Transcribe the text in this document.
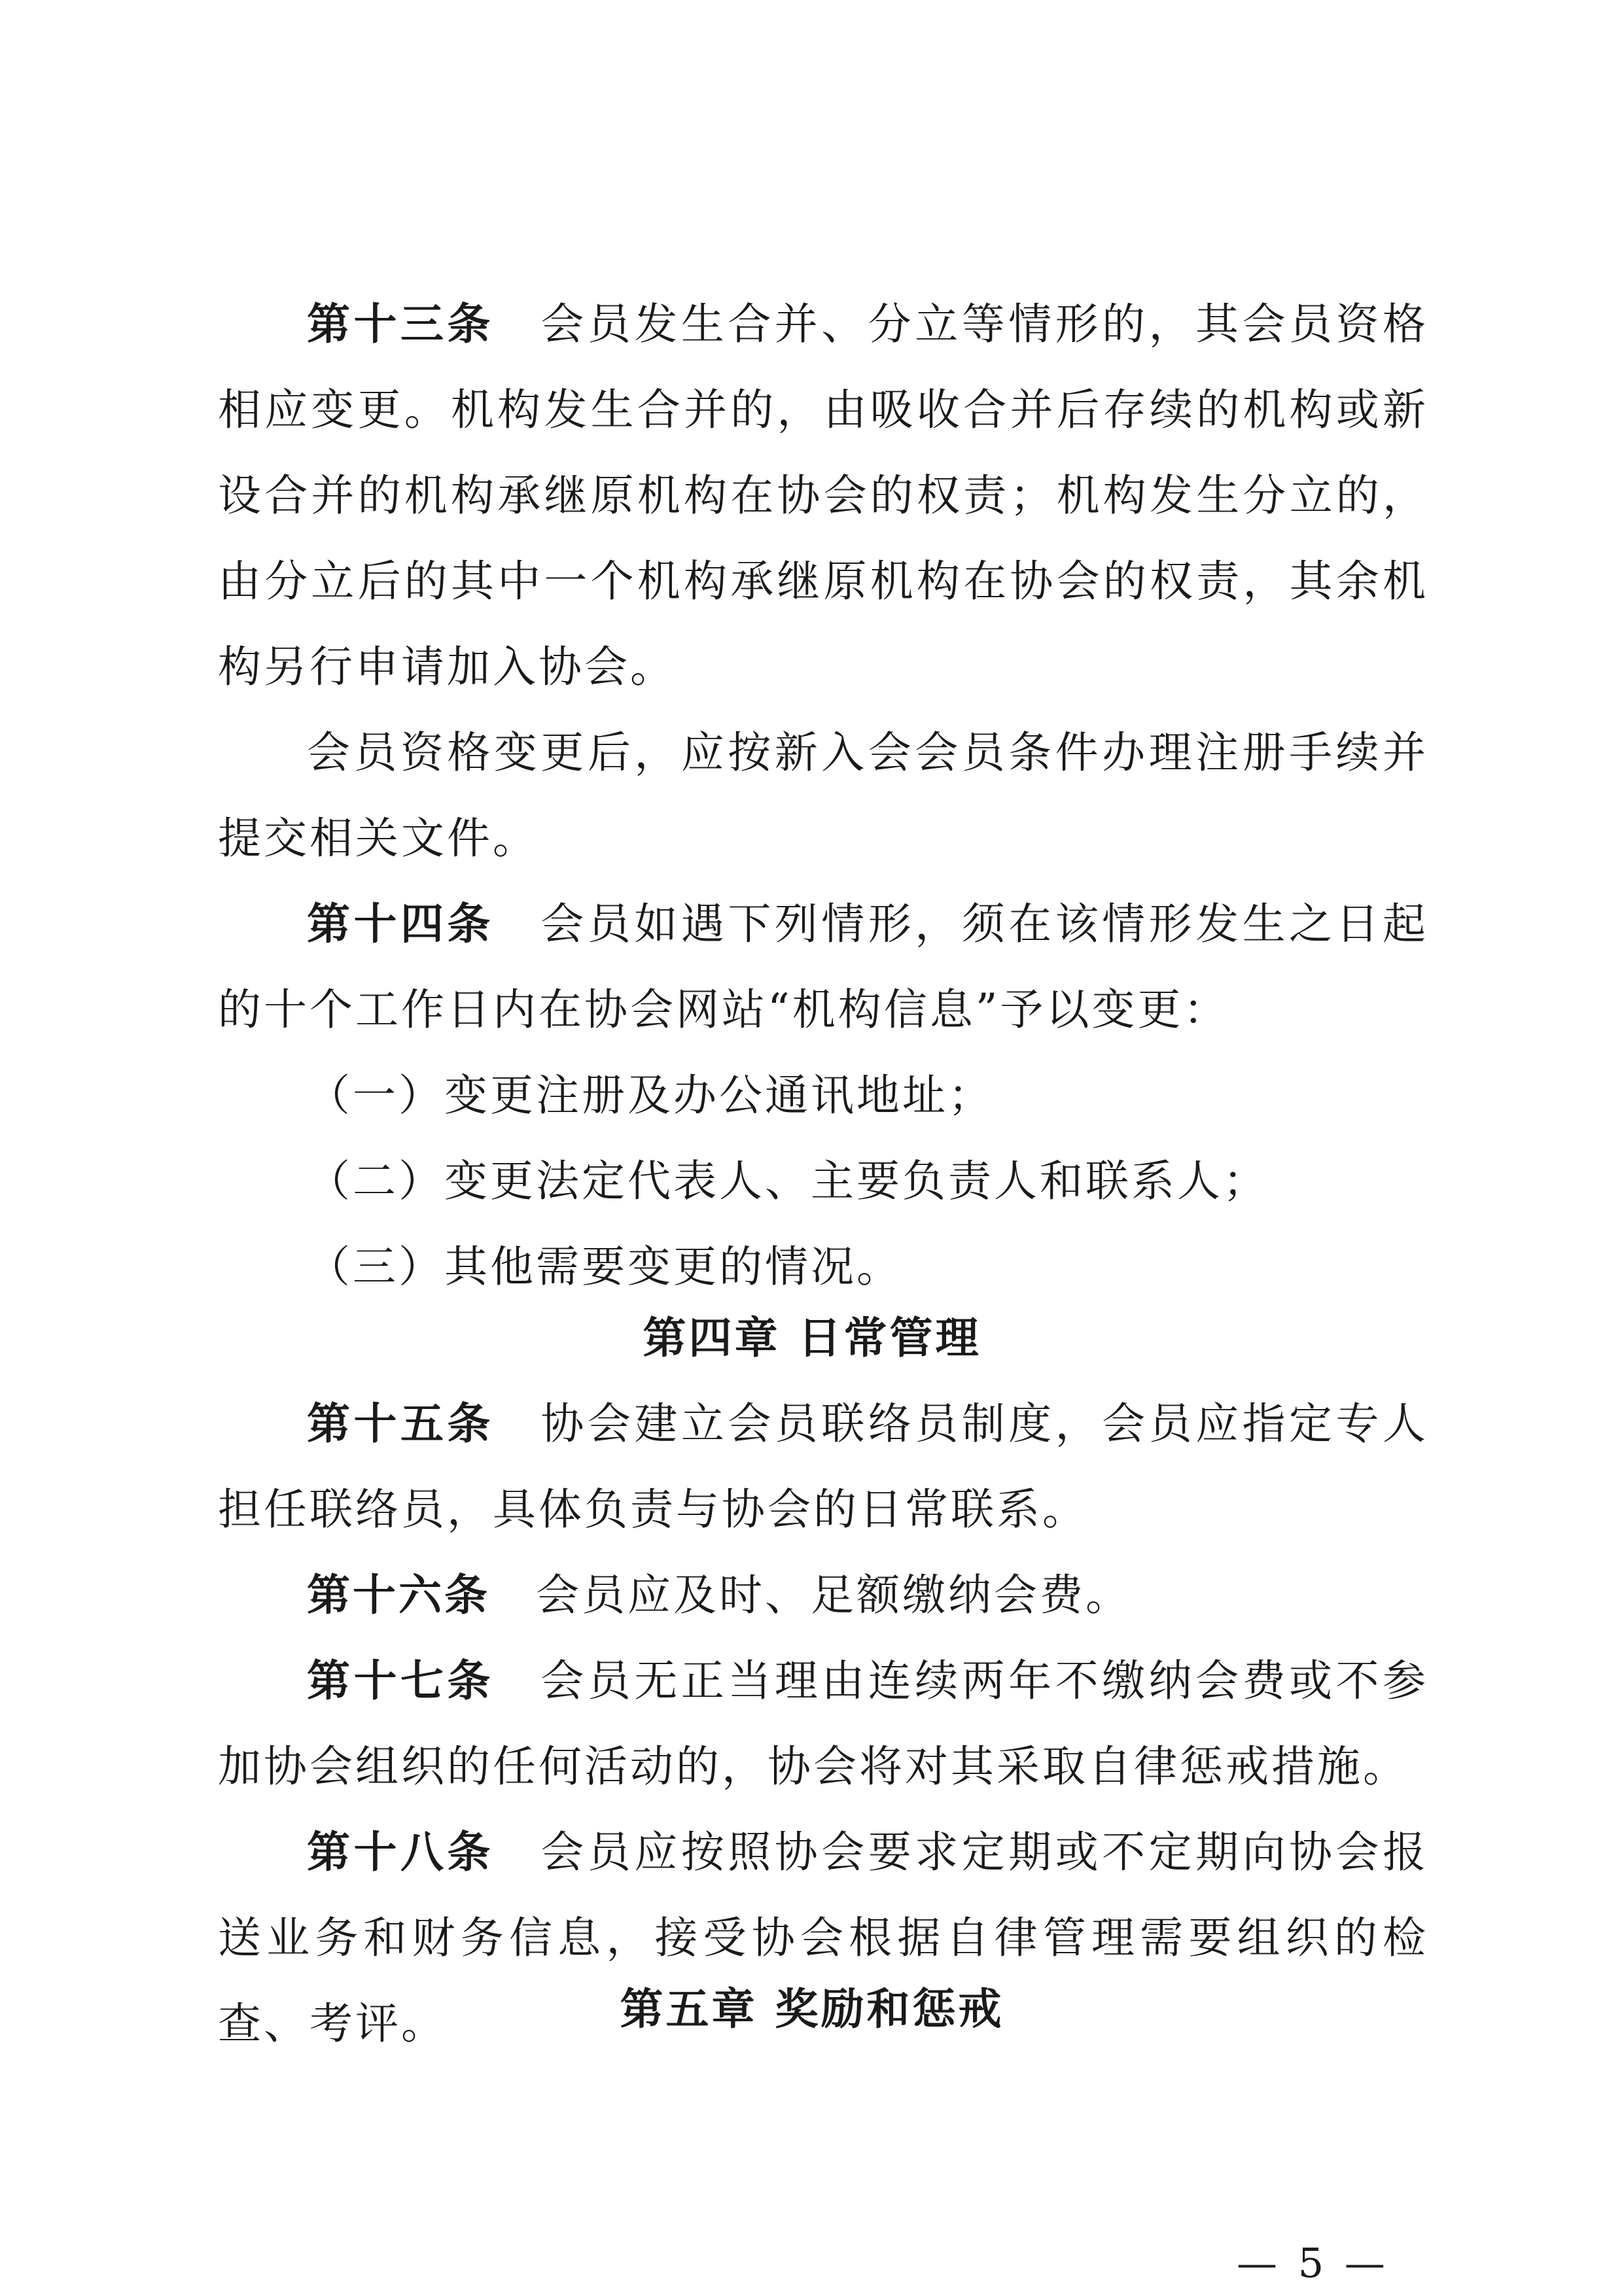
第十三条 会员发生合并、分立等情形的，其会员资格相应变更。机构发生合并的，由吸收合并后存续的机构或新设合并的机构承继原机构在协会的权责；机构发生分立的，由分立后的其中一个机构承继原机构在协会的权责，其余机构另行申请加入协会。
会员资格变更后，应按新入会会员条件办理注册手续并提交相关文件。
第十四条 会员如遇下列情形，须在该情形发生之日起的十个工作日内在协会网站“机构信息”予以变更：
（一）变更注册及办公通讯地址；
（二）变更法定代表人、主要负责人和联系人；
（三）其他需要变更的情况。
第四章 日常管理
第十五条 协会建立会员联络员制度，会员应指定专人担任联络员，具体负责与协会的日常联系。
第十六条 会员应及时、足额缴纳会费。
第十七条 会员无正当理由连续两年不缴纳会费或不参加协会组织的任何活动的，协会将对其采取自律惩戒措施。
第十八条 会员应按照协会要求定期或不定期向协会报送业务和财务信息，接受协会根据自律管理需要组织的检查、考评。	第五章 奖励和惩戒
— 5 —
